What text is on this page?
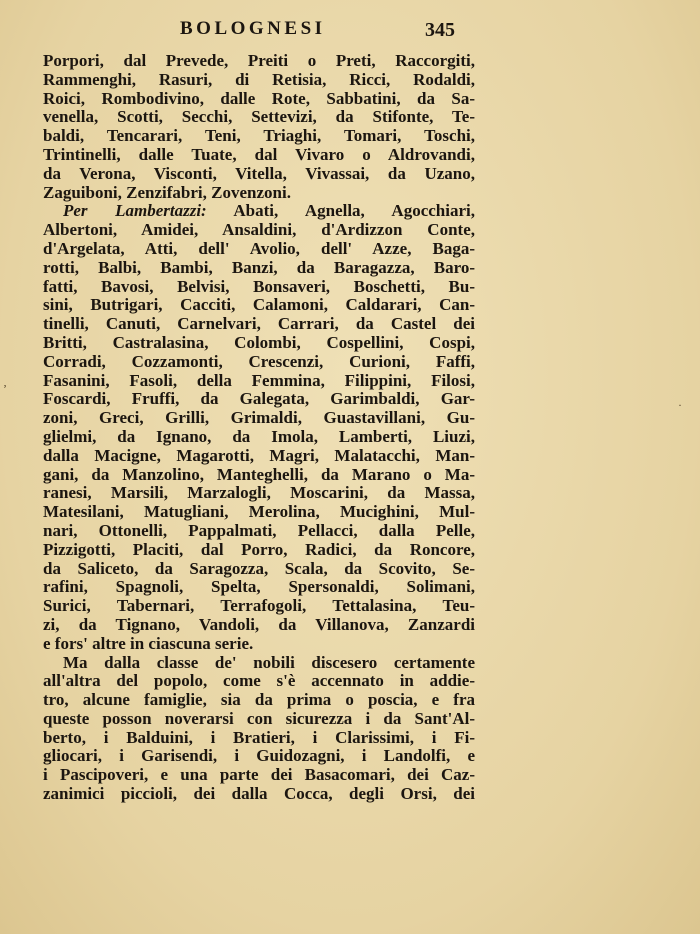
BOLOGNESI	345
Porpori, dal Prevede, Preiti o Preti, Raccorgiti,
Rammenghi, Rasuri, di Retisia, Ricci, Rodaldi,
Roici, Rombodivino, dalle Rote, Sabbatini, da Sa-
venella, Scotti, Secchi, Settevizi, da Stifonte, Te-
baldi, Tencarari, Teni, Triaghi, Tomari, Toschi,
Trintinelli, dalle Tuate, dal Vivaro o Aldrovandi,
da Verona, Visconti, Vitella, Vivassai, da Uzano,
Zaguiboni, Zenzifabri, Zovenzoni.
Per Lambertazzi: Abati, Agnella, Agocchiari,
Albertoni, Amidei, Ansaldini, d'Ardizzon Conte,
d'Argelata, Atti, dell' Avolio, dell' Azze, Baga-
rotti, Balbi, Bambi, Banzi, da Baragazza, Baro-
fatti, Bavosi, Belvisi, Bonsaveri, Boschetti, Bu-
sini, Butrigari, Cacciti, Calamoni, Caldarari, Can-
tinelli, Canuti, Carnelvari, Carrari, da Castel dei
Britti, Castralasina, Colombi, Cospellini, Cospi,
Corradi, Cozzamonti, Crescenzi, Curioni, Faffi,
Fasanini, Fasoli, della Femmina, Filippini, Filosi,
Foscardi, Fruffi, da Galegata, Garimbaldi, Gar-
zoni, Greci, Grilli, Grimaldi, Guastavillani, Gu-
glielmi, da Ignano, da Imola, Lamberti, Liuzi,
dalla Macigne, Magarotti, Magri, Malatacchi, Man-
gani, da Manzolino, Manteghelli, da Marano o Ma-
ranesi, Marsili, Marzalogli, Moscarini, da Massa,
Matesilani, Matugliani, Merolina, Mucighini, Mul-
nari, Ottonelli, Pappalmati, Pellacci, dalla Pelle,
Pizzigotti, Placiti, dal Porro, Radici, da Roncore,
da Saliceto, da Saragozza, Scala, da Scovito, Se-
rafini, Spagnoli, Spelta, Spersonaldi, Solimani,
Surici, Tabernari, Terrafogoli, Tettalasina, Teu-
zi, da Tignano, Vandoli, da Villanova, Zanzardi
e fors' altre in ciascuna serie.
Ma dalla classe de' nobili discesero certamente
all'altra del popolo, come s'è accennato in addie-
tro, alcune famiglie, sia da prima o poscia, e fra
queste posson noverarsi con sicurezza i da Sant'Al-
berto, i Balduini, i Bratieri, i Clarissimi, i Fi-
gliocari, i Garisendi, i Guidozagni, i Landolfi, e
i Pascipoveri, e una parte dei Basacomari, dei Caz-
zanimici piccioli, dei dalla Cocca, degli Orsi, dei
ʼ
·
